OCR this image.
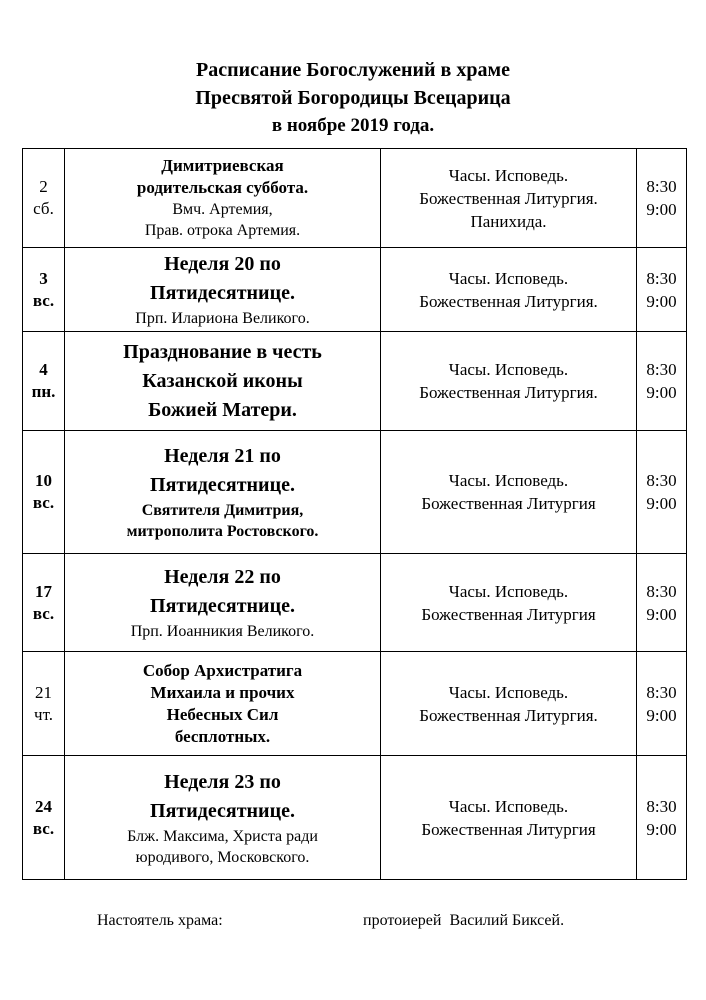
Расписание Богослужений в храме
Пресвятой Богородицы Всецарица
в ноябре 2019 года.
2
сб.	Димитриевская
родительская суббота.
Вмч. Артемия,
Прав. отрока Артемия.	Часы. Исповедь.
Божественная Литургия.
Панихида.	8:30
9:00

3
вс.	Неделя 20 по
Пятидесятнице.
Прп. Илариона Великого.	Часы. Исповедь.
Божественная Литургия.	8:30
9:00

4
пн.	Празднование в честь
Казанской иконы
Божией Матери.	Часы. Исповедь.
Божественная Литургия.	8:30
9:00

10
вс.	Неделя 21 по
Пятидесятнице.
Святителя Димитрия,
митрополита Ростовского.	Часы. Исповедь.
Божественная Литургия	8:30
9:00

17
вс.	Неделя 22 по
Пятидесятнице.
Прп. Иоанникия Великого.	Часы. Исповедь.
Божественная Литургия	8:30
9:00

21
чт.	Собор Архистратига
Михаила и прочих
Небесных Сил
бесплотных.	Часы. Исповедь.
Божественная Литургия.	8:30
9:00

24
вс.	Неделя 23 по
Пятидесятнице.
Блж. Максима, Христа ради
юродивого, Московского.	Часы. Исповедь.
Божественная Литургия	8:30
9:00
Настоятель храма:	протоиерей  Василий Биксей.
